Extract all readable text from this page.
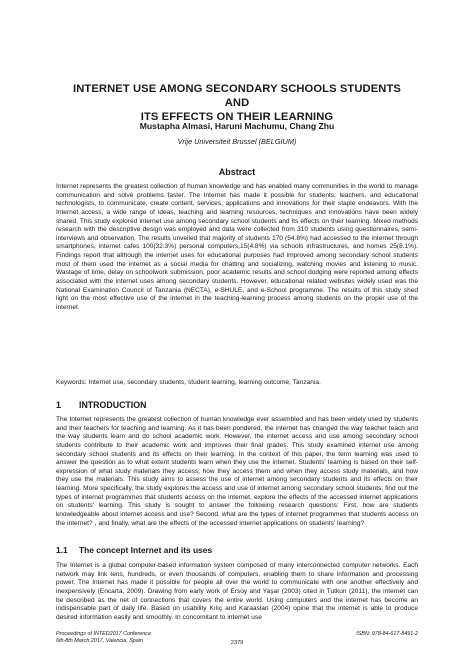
INTERNET USE AMONG SECONDARY SCHOOLS STUDENTS AND
ITS EFFECTS ON THEIR LEARNING
Mustapha Almasi, Haruni Machumu, Chang Zhu
Vrije Universiteit Brussel (BELGIUM)
Abstract
Internet represents the greatest collection of human knowledge and has enabled many communities in the world to manage communication and solve problems faster. The Internet has made it possible for students, teachers, and educational technologists, to communicate, create content, services, applications and innovations for their staple endeavors. With the Internet access, a wide range of ideas, teaching and learning resources, techniques and innovations have been widely shared. This study explored internet use among secondary school students and its effects on their learning. Mixed methods research with the descriptive design was employed and data were collected from 310 students using questionnaires, semi-interviews and observation. The results unveiled that majority of students 170 (54.8%) had accessed to the internet through smartphones, internet cafes 100(32.3%) personal computers,15(4.8%) via schools infrastructures, and homes 25(8.1%). Findings report that although the internet uses for educational purposes had improved among secondary school students most of them used the internet as a social media for chatting and socializing, watching movies and listening to music. Wastage of time, delay on schoolwork submission, poor academic results and school dodging were reported among effects associated with the internet uses among secondary students. However, educational related websites widely used was the National Examination Council of Tanzania (NECTA), e-SHULE, and e-School programme. The results of this study shed light on the most effective use of the internet in the teaching-learning process among students on the proper use of the internet.
Keywords: Internet use, secondary students, student learning, learning outcome, Tanzania.
1 INTRODUCTION
The Internet represents the greatest collection of human knowledge ever assembled and has been widely used by students and their teachers for teaching and learning. As it has been pondered, the internet has changed the way teacher teach and the way students learn and do school academic work. However, the internet access and use among secondary school students contribute to their academic work and improves their final grades. This study examined internet use among secondary school students and its effects on their learning. In the context of this paper, the term learning was used to answer the question as to what extent students learn when they use the internet. Students' learning is based on their self-expression of what study materials they access, how they access them and when they access study materials, and how they use the materials. This study aims to assess the use of internet among secondary students and its effects on their learning. More specifically, the study explores the access and use of internet among secondary school students; find out the types of internet programmes that students access on the internet, explore the effects of the accessed internet applications on students' learning. This study is sought to answer the following research questions: First, how are students knowledgeable about internet access and use? Second, what are the types of internet programmes that students access on the internet? , and finally, what are the effects of the accessed internet applications on students' learning?
1.1 The concept Internet and its uses
The Internet is a global computer-based information system composed of many interconnected computer networks. Each network may link tens, hundreds, or even thousands of computers, enabling them to share information and processing power. The Internet has made it possible for people all over the world to communicate with one another effectively and inexpensively (Encarta, 2009). Drawing from early work of Ersoy and Yaşar (2003) cited in Tutkun (2011), the internet can be described as the net of connections that covers the entire world. Using computers and the internet has become an indispensable part of daily life. Based on usability Kılıç and Karaaslan (2004) opine that the internet is able to produce desired information easily and smoothly. In concomitant to internet use
Proceedings of INTED2017 Conference
6th-8th March 2017, Valencia, Spain	2379
ISBN: 978-84-617-8491-2
